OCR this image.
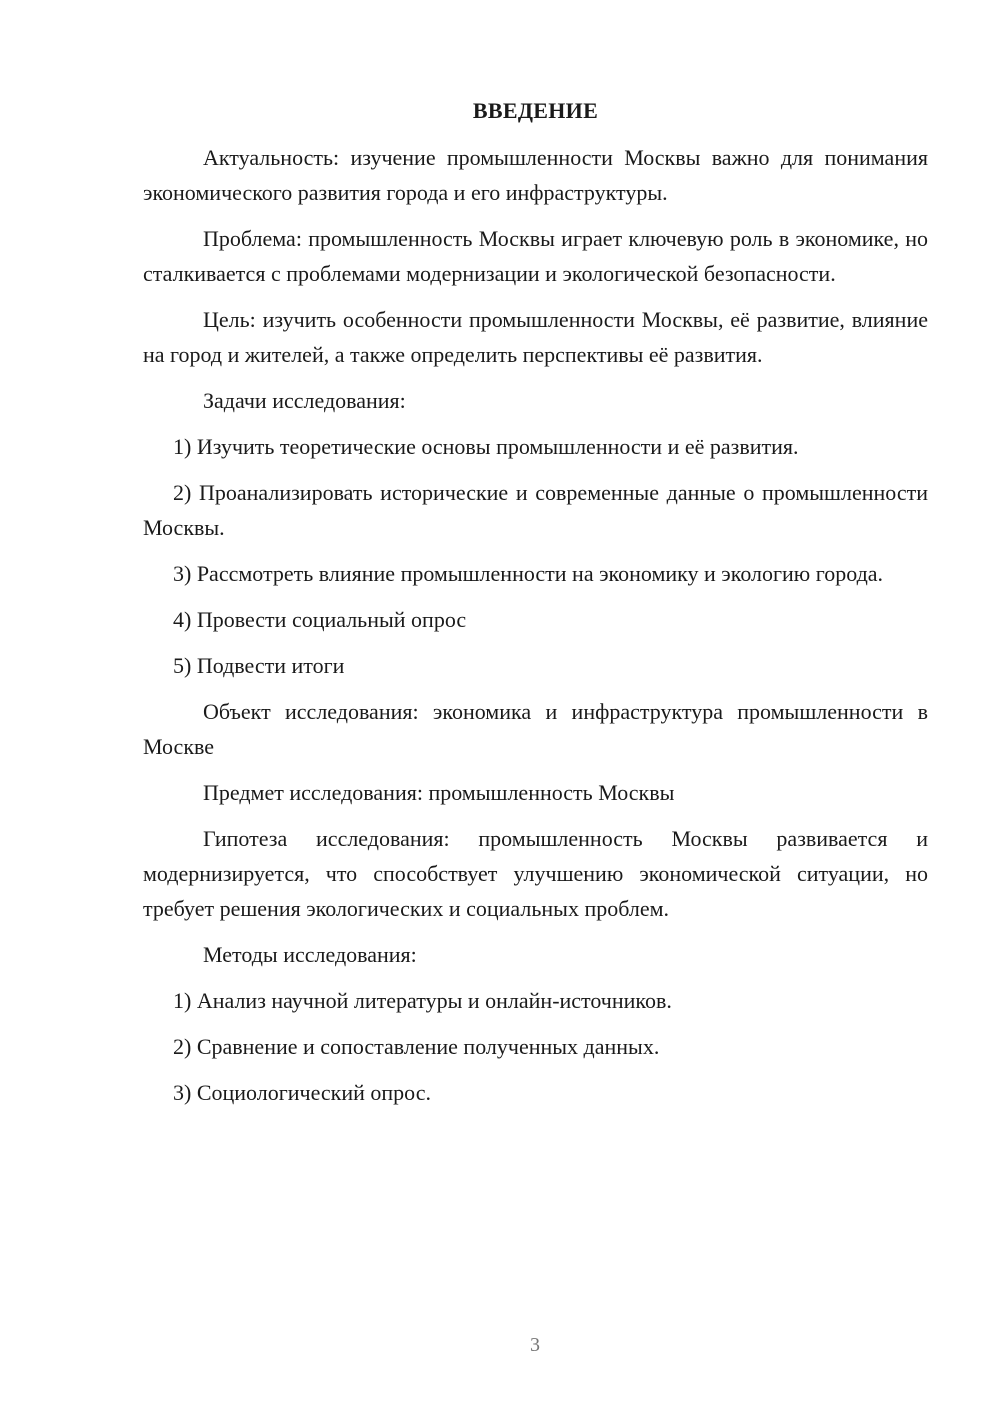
ВВЕДЕНИЕ

Актуальность: изучение промышленности Москвы важно для понимания экономического развития города и его инфраструктуры.

Проблема: промышленность Москвы играет ключевую роль в экономике, но сталкивается с проблемами модернизации и экологической безопасности.

Цель: изучить особенности промышленности Москвы, её развитие, влияние на город и жителей, а также определить перспективы её развития.

Задачи исследования:

1) Изучить теоретические основы промышленности и её развития.

2) Проанализировать исторические и современные данные о промышленности Москвы.

3) Рассмотреть влияние промышленности на экономику и экологию города.

4) Провести социальный опрос

5) Подвести итоги

Объект исследования: экономика и инфраструктура промышленности в Москве

Предмет исследования: промышленность Москвы

Гипотеза исследования: промышленность Москвы развивается и модернизируется, что способствует улучшению экономической ситуации, но требует решения экологических и социальных проблем.

Методы исследования:

1) Анализ научной литературы и онлайн-источников.

2) Сравнение и сопоставление полученных данных.

3) Социологический опрос.

3
